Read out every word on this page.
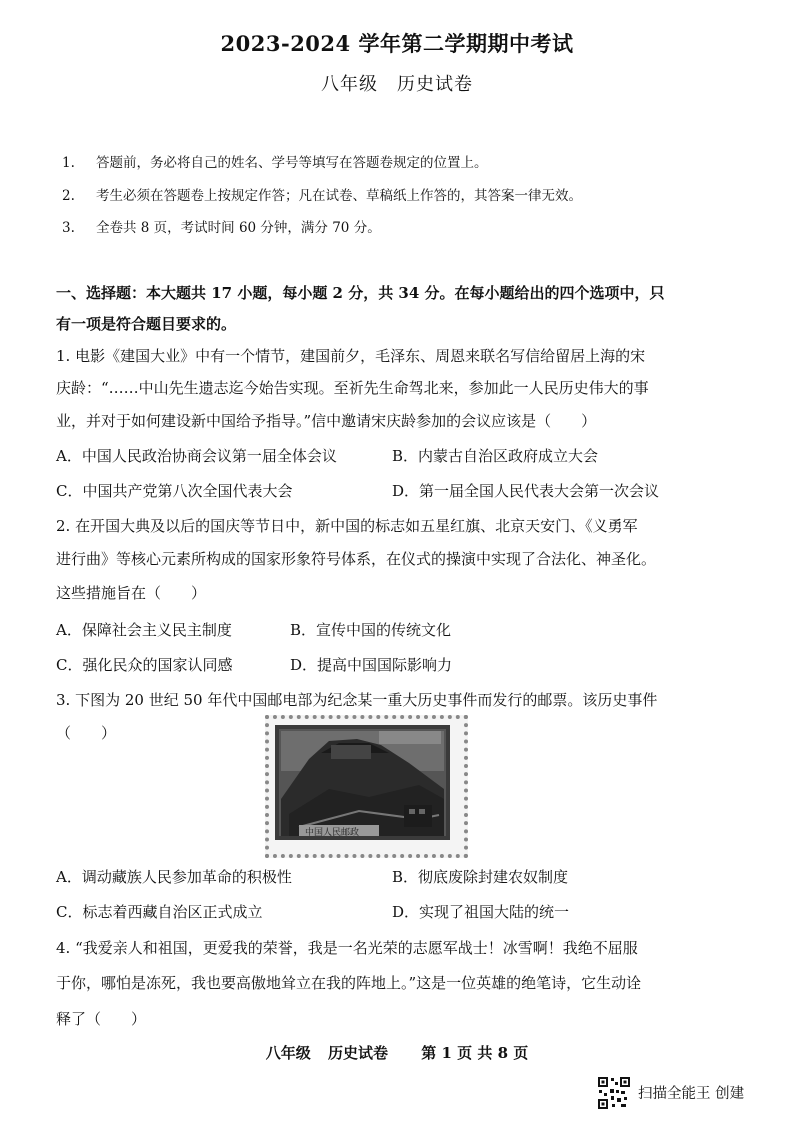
2023-2024 学年第二学期期中考试
八年级　历史试卷
1. 答题前，务必将自己的姓名、学号等填写在答题卷规定的位置上。
2. 考生必须在答题卷上按规定作答；凡在试卷、草稿纸上作答的，其答案一律无效。
3. 全卷共 8 页，考试时间 60 分钟，满分 70 分。
一、选择题：本大题共 17 小题，每小题 2 分，共 34 分。在每小题给出的四个选项中，只
有一项是符合题目要求的。
1. 电影《建国大业》中有一个情节，建国前夕，毛泽东、周恩来联名写信给留居上海的宋
庆龄：“……中山先生遗志迄今始告实现。至祈先生命驾北来，参加此一人民历史伟大的事
业，并对于如何建设新中国给予指导。”信中邀请宋庆龄参加的会议应该是（　　）
A．中国人民政治协商会议第一届全体会议	B．内蒙古自治区政府成立大会
C．中国共产党第八次全国代表大会	D．第一届全国人民代表大会第一次会议
2. 在开国大典及以后的国庆等节日中，新中国的标志如五星红旗、北京天安门、《义勇军
进行曲》等核心元素所构成的国家形象符号体系，在仪式的操演中实现了合法化、神圣化。
这些措施旨在（　　）
A．保障社会主义民主制度	B．宣传中国的传统文化
C．强化民众的国家认同感	D．提高中国国际影响力
3. 下图为 20 世纪 50 年代中国邮电部为纪念某一重大历史事件而发行的邮票。该历史事件
（　　）
中国人民邮政
A．调动藏族人民参加革命的积极性	B．彻底废除封建农奴制度
C．标志着西藏自治区正式成立	D．实现了祖国大陆的统一
4. “我爱亲人和祖国，更爱我的荣誉，我是一名光荣的志愿军战士！冰雪啊！我绝不屈服
于你，哪怕是冻死，我也要高傲地耸立在我的阵地上。”这是一位英雄的绝笔诗，它生动诠
释了（　　）
八年级 历史试卷 第 1 页 共 8 页
扫描全能王 创建
